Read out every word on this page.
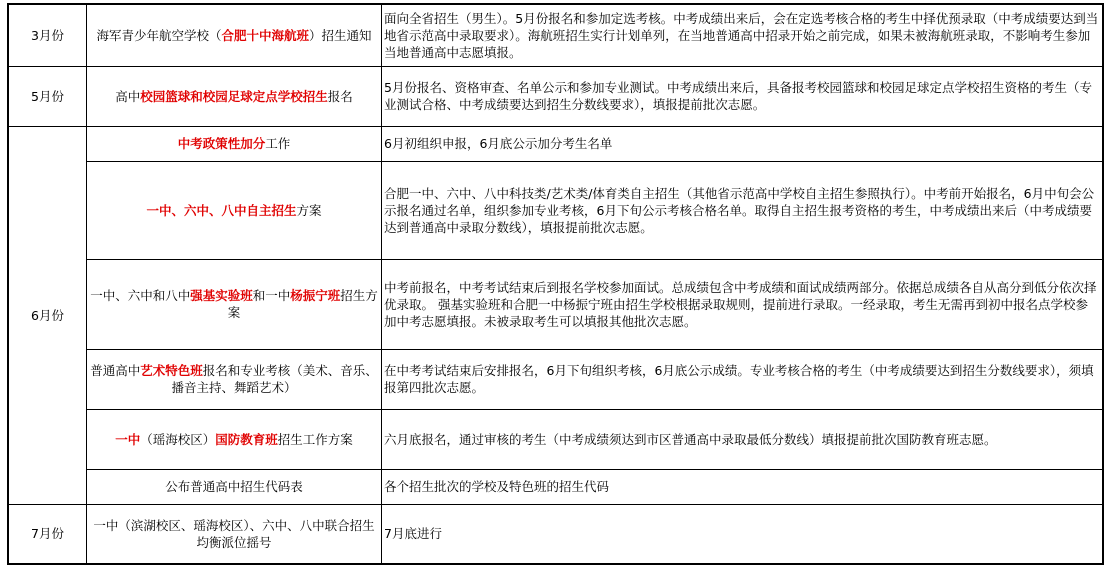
3月份	海军青少年航空学校（合肥十中海航班）招生通知	面向全省招生（男生）。5月份报名和参加定选考核。中考成绩出来后，会在定选考核合格的考生中择优预录取（中考成绩要达到当地省示范高中录取要求）。海航班招生实行计划单列，在当地普通高中招录开始之前完成，如果未被海航班录取，不影响考生参加当地普通高中志愿填报。
5月份	高中校园篮球和校园足球定点学校招生报名	5月份报名、资格审查、名单公示和参加专业测试。中考成绩出来后，具备报考校园篮球和校园足球定点学校招生资格的考生（专业测试合格、中考成绩要达到招生分数线要求），填报提前批次志愿。
6月份	中考政策性加分工作	6月初组织申报，6月底公示加分考生名单
	一中、六中、八中自主招生方案	合肥一中、六中、八中科技类/艺术类/体育类自主招生（其他省示范高中学校自主招生参照执行）。中考前开始报名，6月中旬会公示报名通过名单，组织参加专业考核，6月下旬公示考核合格名单。取得自主招生报考资格的考生，中考成绩出来后（中考成绩要达到普通高中录取分数线），填报提前批次志愿。
	一中、六中和八中强基实验班和一中杨振宁班招生方案	中考前报名，中考考试结束后到报名学校参加面试。总成绩包含中考成绩和面试成绩两部分。依据总成绩各自从高分到低分依次择优录取。 强基实验班和合肥一中杨振宁班由招生学校根据录取规则，提前进行录取。一经录取，考生无需再到初中报名点学校参加中考志愿填报。未被录取考生可以填报其他批次志愿。
	普通高中艺术特色班报名和专业考核（美术、音乐、播音主持、舞蹈艺术）	在中考考试结束后安排报名，6月下旬组织考核，6月底公示成绩。专业考核合格的考生（中考成绩要达到招生分数线要求），须填报第四批次志愿。
	一中（瑶海校区）国防教育班招生工作方案	六月底报名，通过审核的考生（中考成绩须达到市区普通高中录取最低分数线）填报提前批次国防教育班志愿。
	公布普通高中招生代码表	各个招生批次的学校及特色班的招生代码
7月份	一中（滨湖校区、瑶海校区）、六中、八中联合招生均衡派位摇号	7月底进行
